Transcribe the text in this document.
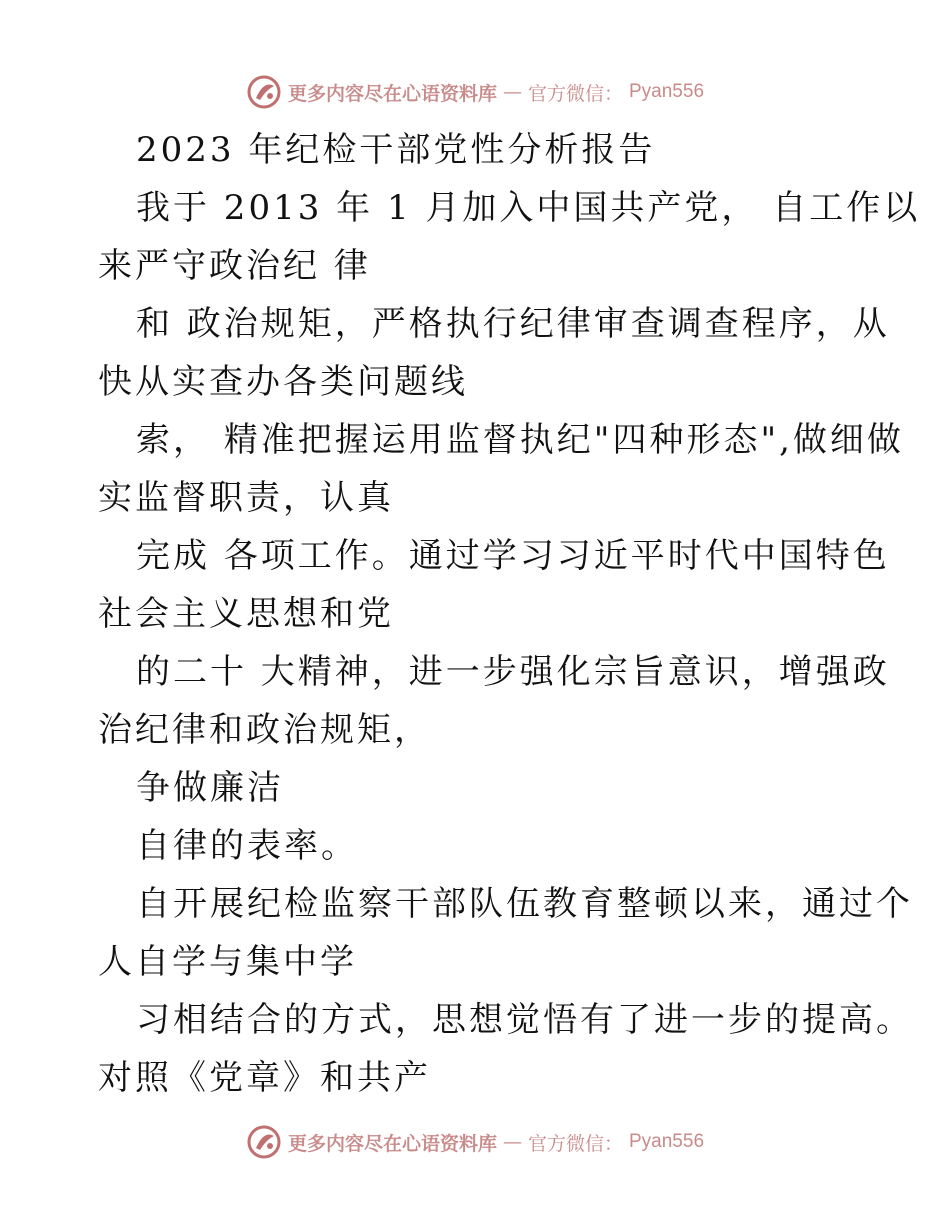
更多内容尽在心语资料库 — 官方微信： Pyan556
2023 年纪检干部党性分析报告
我于 2013 年 1 月加入中国共产党， 自工作以
来严守政治纪 律
和 政治规矩，严格执行纪律审查调查程序，从
快从实查办各类问题线
索， 精准把握运用监督执纪"四种形态",做细做
实监督职责，认真
完成 各项工作。通过学习习近平时代中国特色
社会主义思想和党
的二十 大精神，进一步强化宗旨意识，增强政
治纪律和政治规矩，
争做廉洁
自律的表率。
自开展纪检监察干部队伍教育整顿以来，通过个
人自学与集中学
习相结合的方式，思想觉悟有了进一步的提高。
对照《党章》和共产
更多内容尽在心语资料库 — 官方微信： Pyan556
